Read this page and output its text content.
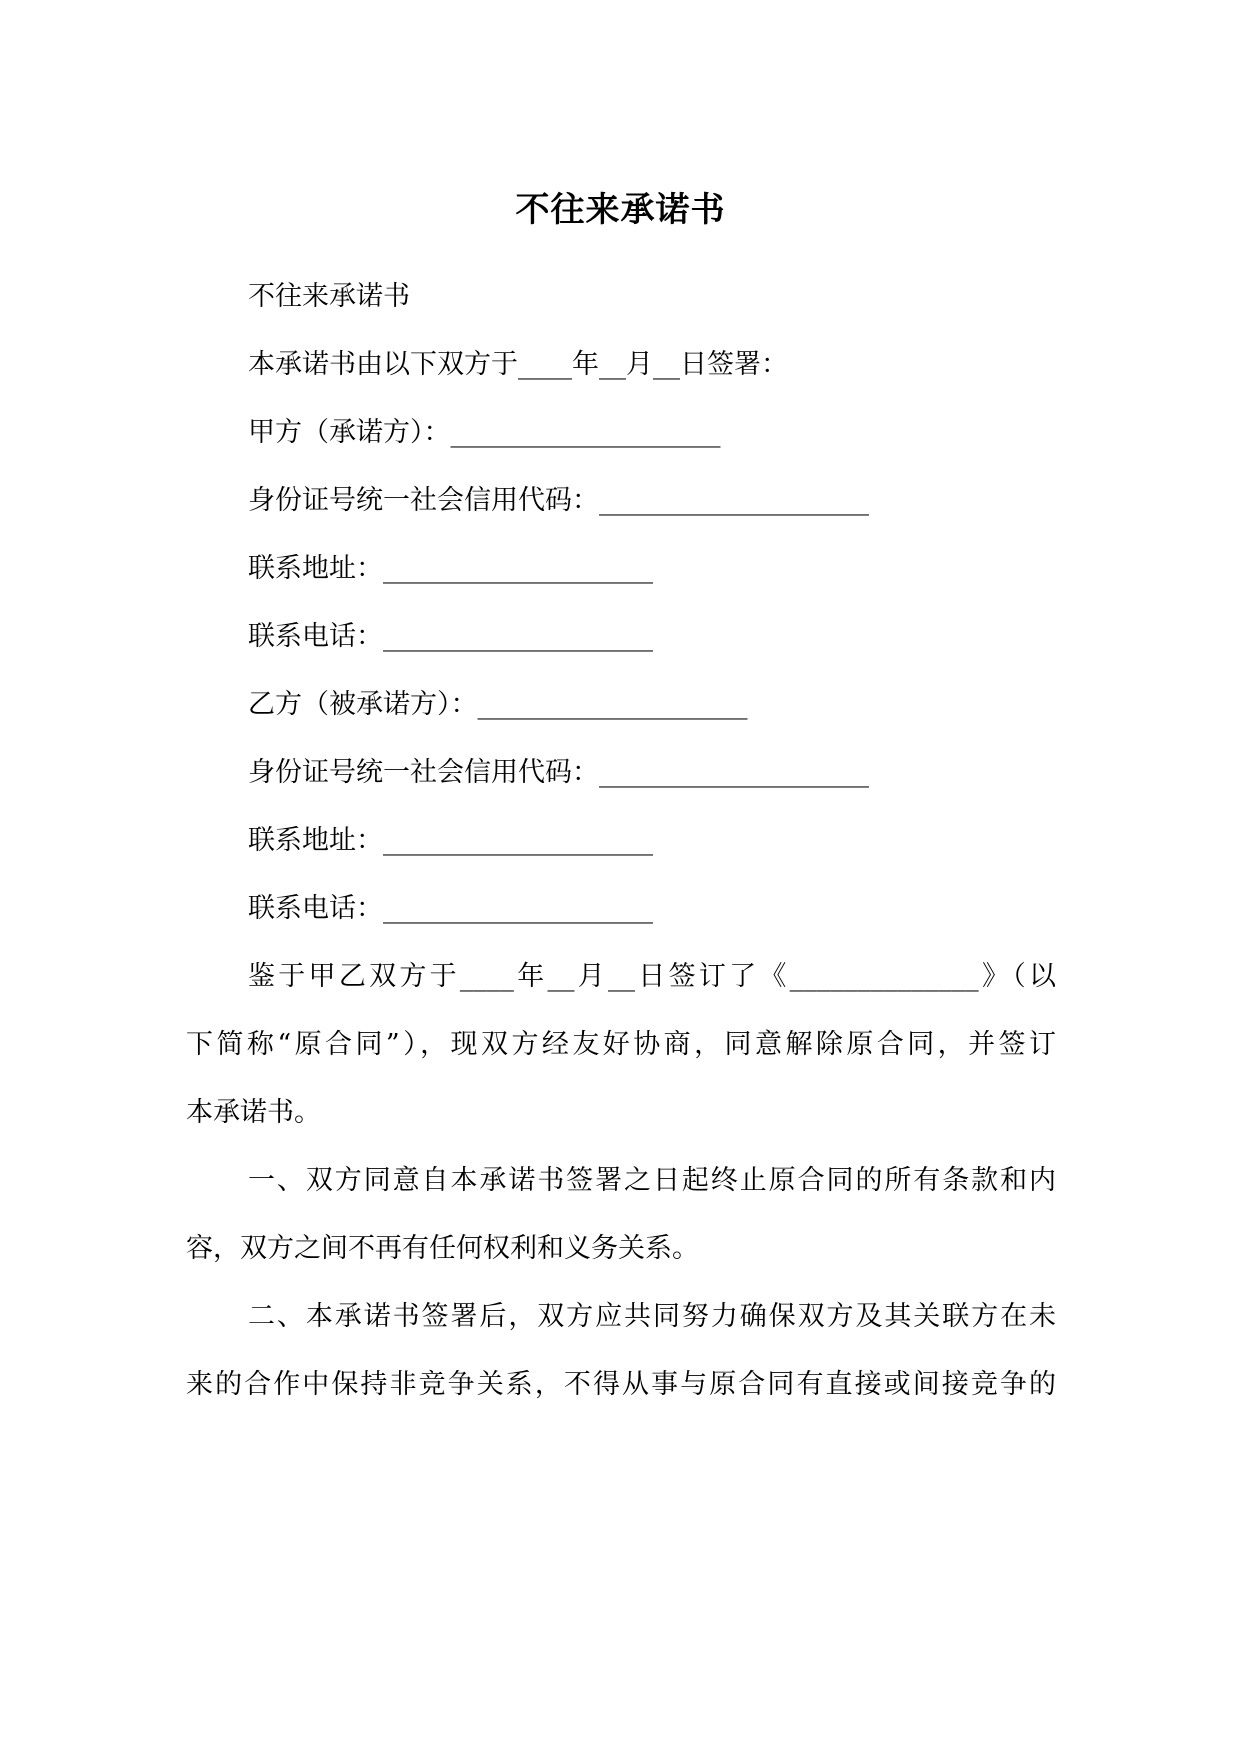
不往来承诺书
不往来承诺书
本承诺书由以下双方于____年__月__日签署：
甲方（承诺方）：____________________
身份证号统一社会信用代码：____________________
联系地址：____________________
联系电话：____________________
乙方（被承诺方）：____________________
身份证号统一社会信用代码：____________________
联系地址：____________________
联系电话：____________________
鉴于甲乙双方于____年__月__日签订了《______________》（以
下简称“原合同”），现双方经友好协商，同意解除原合同，并签订
本承诺书。
一、双方同意自本承诺书签署之日起终止原合同的所有条款和内
容，双方之间不再有任何权利和义务关系。
二、本承诺书签署后，双方应共同努力确保双方及其关联方在未
来的合作中保持非竞争关系，不得从事与原合同有直接或间接竞争的
